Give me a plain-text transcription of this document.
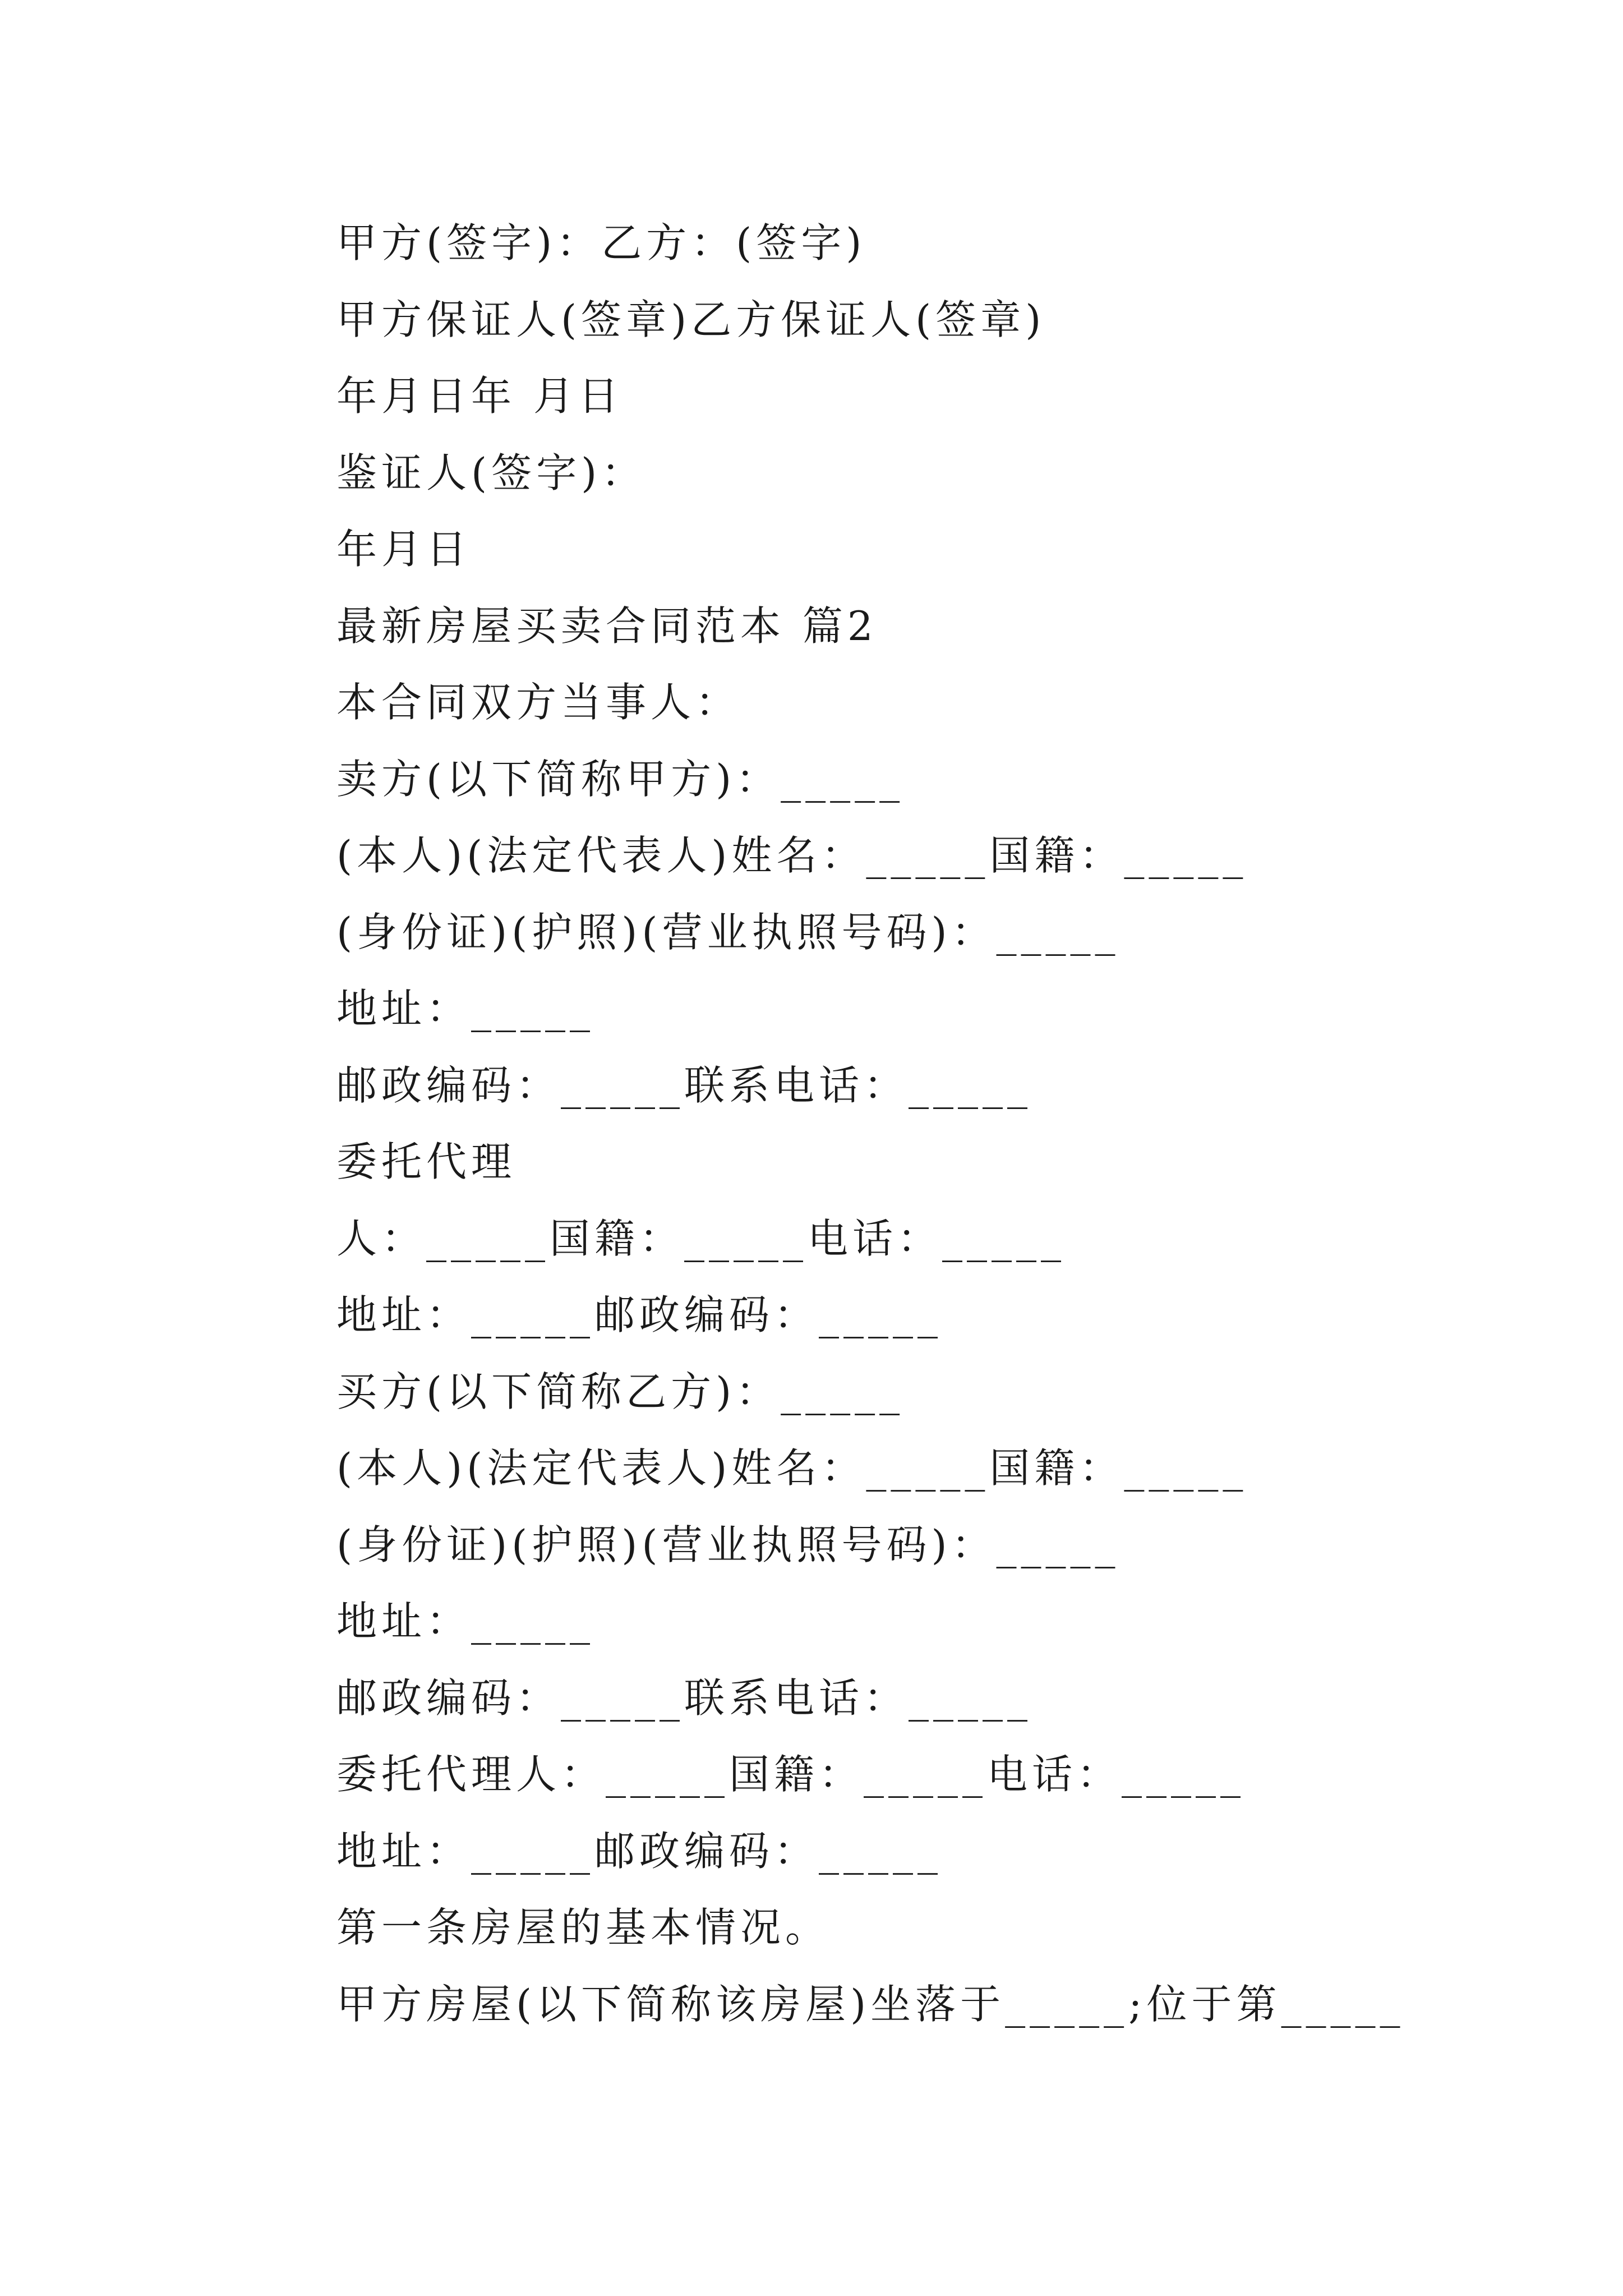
甲方(签字)：乙方：(签字)
甲方保证人(签章)乙方保证人(签章)
年月日年 月日
鉴证人(签字)：
年月日
最新房屋买卖合同范本 篇2
本合同双方当事人：
卖方(以下简称甲方)：_____
(本人)(法定代表人)姓名：_____国籍：_____
(身份证)(护照)(营业执照号码)：_____
地址：_____
邮政编码：_____联系电话：_____
委托代理
人：_____国籍：_____电话：_____
地址：_____邮政编码：_____
买方(以下简称乙方)：_____
(本人)(法定代表人)姓名：_____国籍：_____
(身份证)(护照)(营业执照号码)：_____
地址：_____
邮政编码：_____联系电话：_____
委托代理人：_____国籍：_____电话：_____
地址：_____邮政编码：_____
第一条房屋的基本情况。
甲方房屋(以下简称该房屋)坐落于_____;位于第_____
